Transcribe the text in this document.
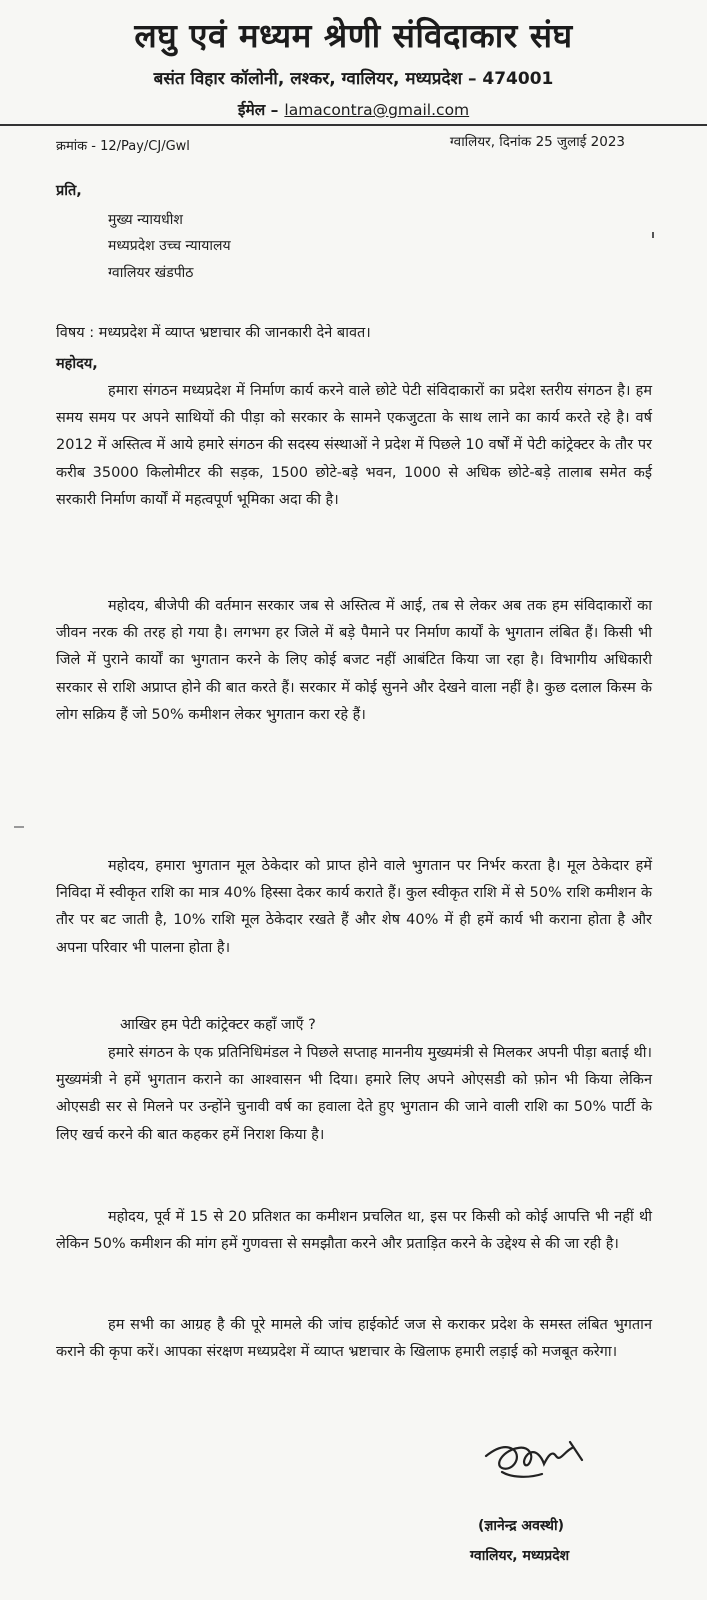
लघु एवं मध्यम श्रेणी संविदाकार संघ
बसंत विहार कॉलोनी, लश्कर, ग्वालियर, मध्यप्रदेश – 474001
ईमेल – lamacontra@gmail.com
क्रमांक - 12/Pay/CJ/Gwl	ग्वालियर, दिनांक 25 जुलाई 2023
प्रति,
मुख्य न्यायधीश
मध्यप्रदेश उच्च न्यायालय
ग्वालियर खंडपीठ
विषय : मध्यप्रदेश में व्याप्त भ्रष्टाचार की जानकारी देने बावत।
महोदय,
हमारा संगठन मध्यप्रदेश में निर्माण कार्य करने वाले छोटे पेटी संविदाकारों का प्रदेश स्तरीय संगठन है। हम समय समय पर अपने साथियों की पीड़ा को सरकार के सामने एकजुटता के साथ लाने का कार्य करते रहे है। वर्ष 2012 में अस्तित्व में आये हमारे संगठन की सदस्य संस्थाओं ने प्रदेश में पिछले 10 वर्षों में पेटी कांट्रेक्टर के तौर पर करीब 35000 किलोमीटर की सड़क, 1500 छोटे-बड़े भवन, 1000 से अधिक छोटे-बड़े तालाब समेत कई सरकारी निर्माण कार्यों में महत्वपूर्ण भूमिका अदा की है।
महोदय, बीजेपी की वर्तमान सरकार जब से अस्तित्व में आई, तब से लेकर अब तक हम संविदाकारों का जीवन नरक की तरह हो गया है। लगभग हर जिले में बड़े पैमाने पर निर्माण कार्यों के भुगतान लंबित हैं। किसी भी जिले में पुराने कार्यों का भुगतान करने के लिए कोई बजट नहीं आबंटित किया जा रहा है। विभागीय अधिकारी सरकार से राशि अप्राप्त होने की बात करते हैं। सरकार में कोई सुनने और देखने वाला नहीं है। कुछ दलाल किस्म के लोग सक्रिय हैं जो 50% कमीशन लेकर भुगतान करा रहे हैं।
महोदय, हमारा भुगतान मूल ठेकेदार को प्राप्त होने वाले भुगतान पर निर्भर करता है। मूल ठेकेदार हमें निविदा में स्वीकृत राशि का मात्र 40% हिस्सा देकर कार्य कराते हैं। कुल स्वीकृत राशि में से 50% राशि कमीशन के तौर पर बट जाती है, 10% राशि मूल ठेकेदार रखते हैं और शेष 40% में ही हमें कार्य भी कराना होता है और अपना परिवार भी पालना होता है।
आखिर हम पेटी कांट्रेक्टर कहाँ जाएँ ?
हमारे संगठन के एक प्रतिनिधिमंडल ने पिछले सप्ताह माननीय मुख्यमंत्री से मिलकर अपनी पीड़ा बताई थी। मुख्यमंत्री ने हमें भुगतान कराने का आश्वासन भी दिया। हमारे लिए अपने ओएसडी को फ़ोन भी किया लेकिन ओएसडी सर से मिलने पर उन्होंने चुनावी वर्ष का हवाला देते हुए भुगतान की जाने वाली राशि का 50% पार्टी के लिए खर्च करने की बात कहकर हमें निराश किया है।
महोदय, पूर्व में 15 से 20 प्रतिशत का कमीशन प्रचलित था, इस पर किसी को कोई आपत्ति भी नहीं थी लेकिन 50% कमीशन की मांग हमें गुणवत्ता से समझौता करने और प्रताड़ित करने के उद्देश्य से की जा रही है।
हम सभी का आग्रह है की पूरे मामले की जांच हाईकोर्ट जज से कराकर प्रदेश के समस्त लंबित भुगतान कराने की कृपा करें। आपका संरक्षण मध्यप्रदेश में व्याप्त भ्रष्टाचार के खिलाफ हमारी लड़ाई को मजबूत करेगा।
(ज्ञानेन्द्र अवस्थी)
ग्वालियर, मध्यप्रदेश
